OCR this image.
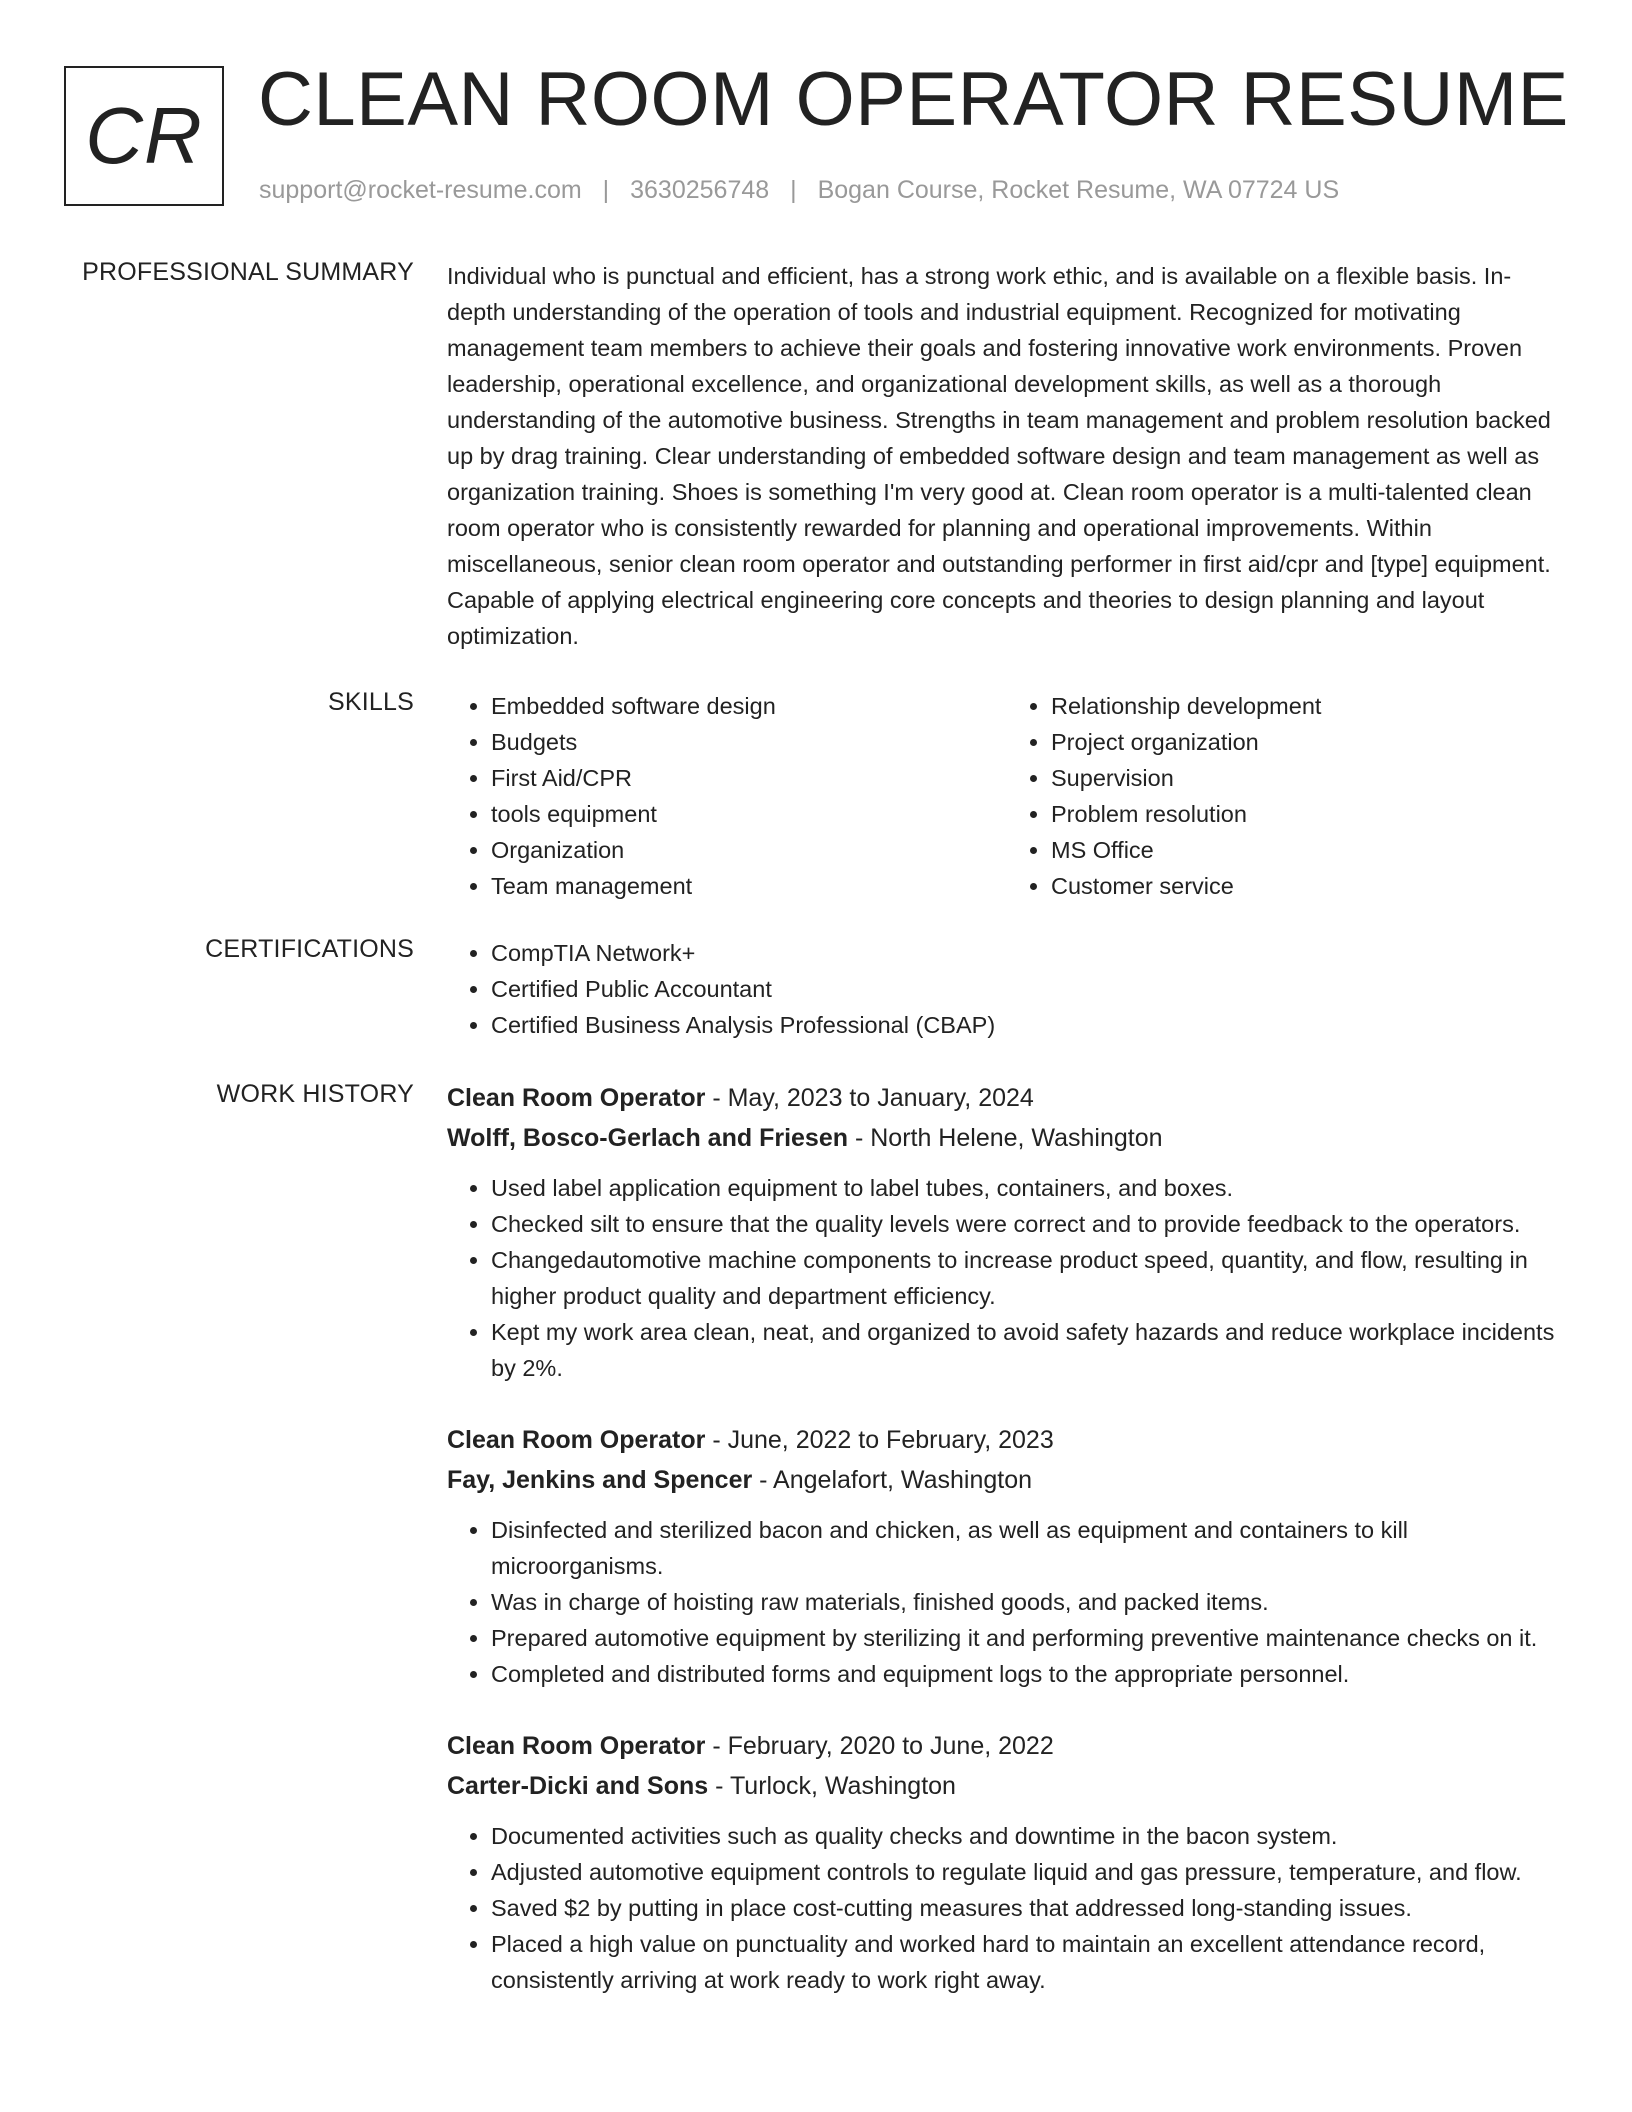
CR CLEAN ROOM OPERATOR RESUME
support@rocket-resume.com | 3630256748 | Bogan Course, Rocket Resume, WA 07724 US
PROFESSIONAL SUMMARY Individual who is punctual and efficient, has a strong work ethic, and is available on a flexible basis. In-depth understanding of the operation of tools and industrial equipment. Recognized for motivating management team members to achieve their goals and fostering innovative work environments. Proven leadership, operational excellence, and organizational development skills, as well as a thorough understanding of the automotive business. Strengths in team management and problem resolution backed up by drag training. Clear understanding of embedded software design and team management as well as organization training. Shoes is something I'm very good at. Clean room operator is a multi-talented clean room operator who is consistently rewarded for planning and operational improvements. Within miscellaneous, senior clean room operator and outstanding performer in first aid/cpr and [type] equipment. Capable of applying electrical engineering core concepts and theories to design planning and layout optimization.
SKILLS	• Embedded software design
• Budgets
• First Aid/CPR
• tools equipment
• Organization
• Team management
• Relationship development
• Project organization
• Supervision
• Problem resolution
• MS Office
• Customer service
CERTIFICATIONS	• CompTIA Network+
• Certified Public Accountant
• Certified Business Analysis Professional (CBAP)
WORK HISTORY Clean Room Operator - May, 2023 to January, 2024
Wolff, Bosco-Gerlach and Friesen - North Helene, Washington
• Used label application equipment to label tubes, containers, and boxes.
• Checked silt to ensure that the quality levels were correct and to provide feedback to the operators.
• Changedautomotive machine components to increase product speed, quantity, and flow, resulting in higher product quality and department efficiency.
• Kept my work area clean, neat, and organized to avoid safety hazards and reduce workplace incidents by 2%.
Clean Room Operator - June, 2022 to February, 2023
Fay, Jenkins and Spencer - Angelafort, Washington
• Disinfected and sterilized bacon and chicken, as well as equipment and containers to kill microorganisms.
• Was in charge of hoisting raw materials, finished goods, and packed items.
• Prepared automotive equipment by sterilizing it and performing preventive maintenance checks on it.
• Completed and distributed forms and equipment logs to the appropriate personnel.
Clean Room Operator - February, 2020 to June, 2022
Carter-Dicki and Sons - Turlock, Washington
• Documented activities such as quality checks and downtime in the bacon system.
• Adjusted automotive equipment controls to regulate liquid and gas pressure, temperature, and flow.
• Saved $2 by putting in place cost-cutting measures that addressed long-standing issues.
• Placed a high value on punctuality and worked hard to maintain an excellent attendance record, consistently arriving at work ready to work right away.
